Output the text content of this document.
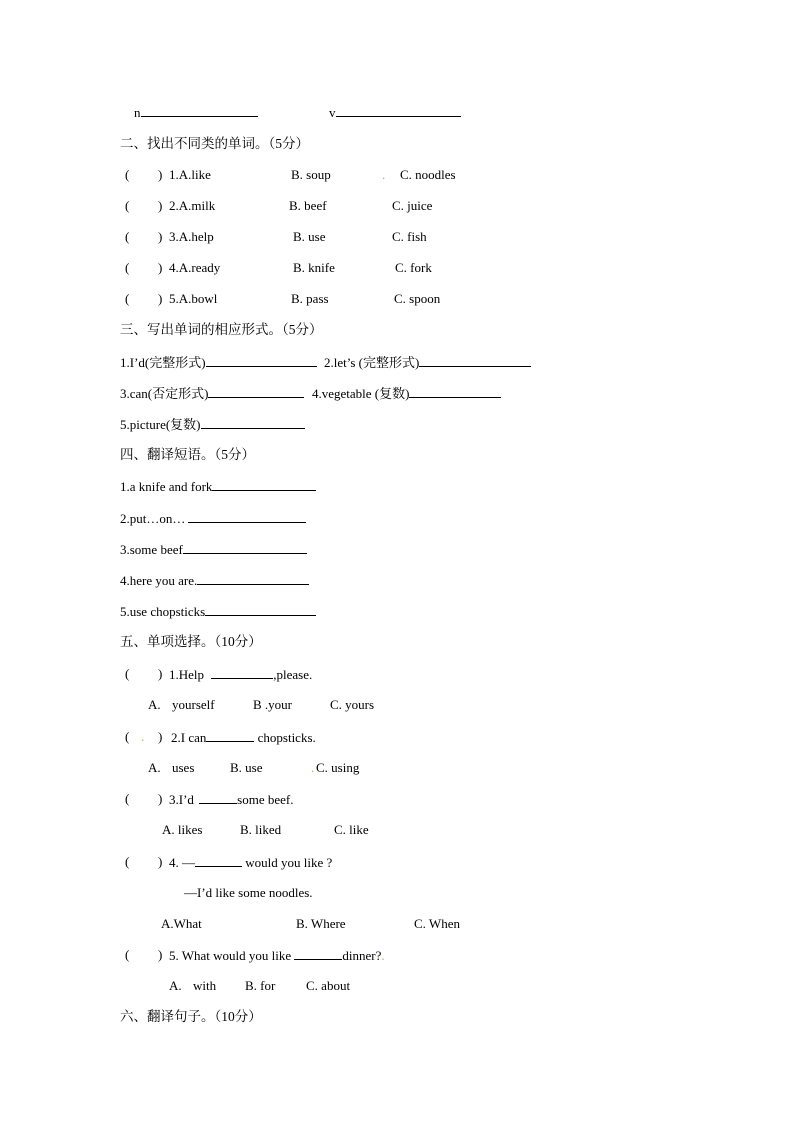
n	v
二、找出不同类的单词。（5分）
( ) 1.A.like	B. soup	. C. noodles
( ) 2.A.milk	B. beef	C. juice
( ) 3.A.help	B. use	C. fish
( ) 4.A.ready	B. knife	C. fork
( ) 5.A.bowl	B. pass	C. spoon
三、写出单词的相应形式。（5分）
1.I’d(完整形式)	2.let’s (完整形式)
3.can(否定形式)	4.vegetable (复数)
5.picture(复数)
四、翻译短语。（5分）
1.a knife and fork
2.put…on…
3.some beef
4.here you are.
5.use chopsticks
五、单项选择。（10分）
( ) 1.Help	,please.
A. yourself	B .your	C. yours
( . ) 2.I can	chopsticks.
A. uses	B. use	. C. using
( ) 3.I’d	some beef.
A. likes	B. liked	C. like
( ) 4. —	would you like ?
—I’d like some noodles.
A.What	B. Where	C. When
( ) 5. What would you like	dinner?.
A. with B. for C. about
六、翻译句子。（10分）
